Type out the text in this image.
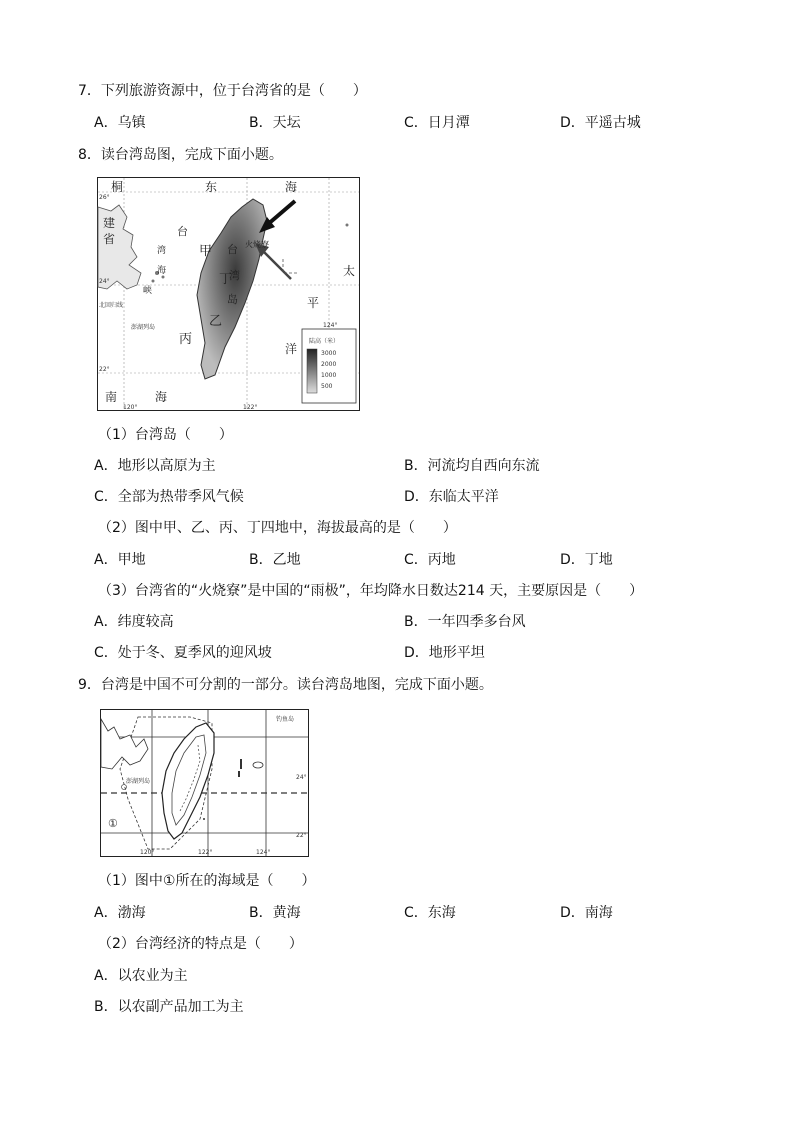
7．下列旅游资源中，位于台湾省的是（　　）
A．乌镇	B．天坛	C．日月潭	D．平遥古城
8．读台湾岛图，完成下面小题。
陆高（米）
3000
2000
1000
500
桐	东	海
太
平
洋
南	海
建
省
台
湾
海
峡
甲
乙
丙
台
湾
岛
丁
火烧寮
北回归线
澎湖列岛
120°	122°
124°
26°
24°
22°
（1）台湾岛（　　）
A．地形以高原为主	B．河流均自西向东流
C．全部为热带季风气候	D．东临太平洋
（2）图中甲、乙、丙、丁四地中，海拔最高的是（　　）
A．甲地	B．乙地	C．丙地	D．丁地
（3）台湾省的“火烧寮”是中国的“雨极”，年均降水日数达214 天，主要原因是（　　）
A．纬度较高	B．一年四季多台风
C．处于冬、夏季风的迎风坡	D．地形平坦
9．台湾是中国不可分割的一部分。读台湾岛地图，完成下面小题。
钓鱼岛
澎湖列岛
①
120°	122°	124°
24°
22°
（1）图中①所在的海域是（　　）
A．渤海	B．黄海	C．东海	D．南海
（2）台湾经济的特点是（　　）
A．以农业为主
B．以农副产品加工为主
